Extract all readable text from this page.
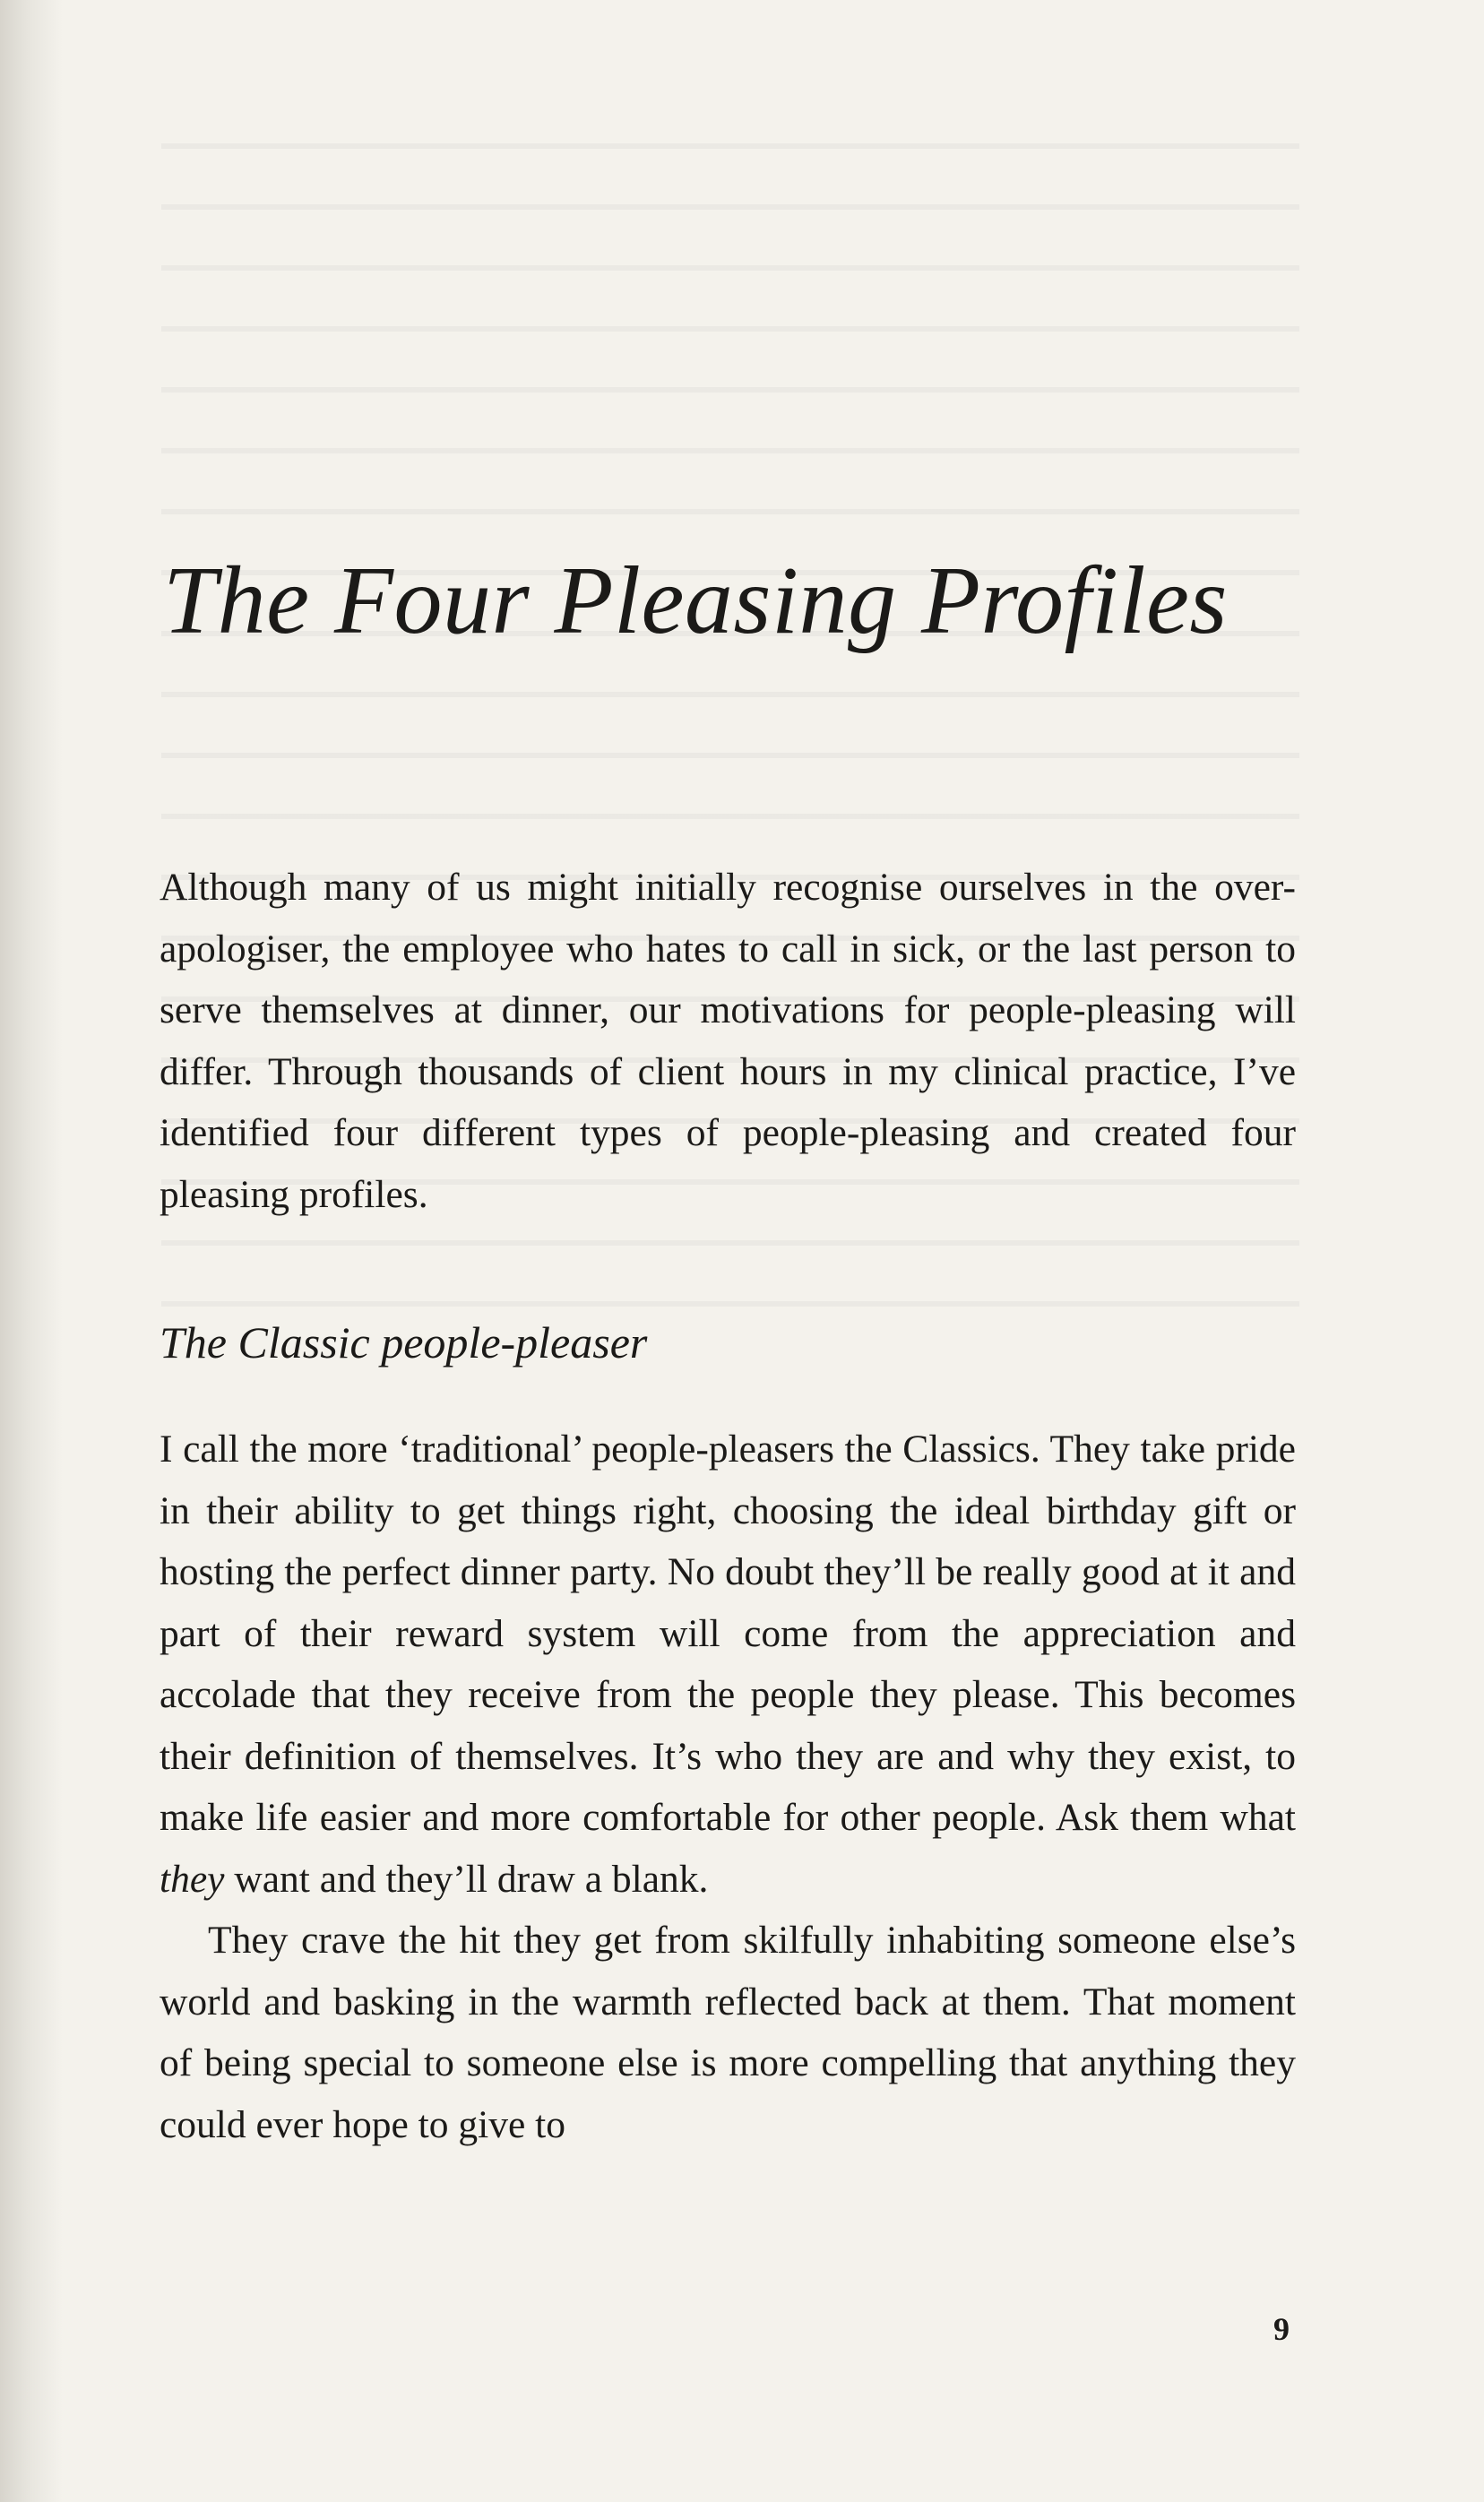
The Four Pleasing Profiles

Although many of us might initially recognise ourselves in the over-apologiser, the employee who hates to call in sick, or the last person to serve themselves at dinner, our motivations for people-pleasing will differ. Through thousands of client hours in my clinical practice, I’ve identified four different types of people-pleasing and created four pleasing profiles.

The Classic people-pleaser

I call the more ‘traditional’ people-pleasers the Classics. They take pride in their ability to get things right, choosing the ideal birthday gift or hosting the perfect dinner party. No doubt they’ll be really good at it and part of their reward system will come from the appreciation and accolade that they receive from the people they please. This becomes their definition of themselves. It’s who they are and why they exist, to make life easier and more comfortable for other people. Ask them what they want and they’ll draw a blank.

They crave the hit they get from skilfully inhabiting someone else’s world and basking in the warmth reflected back at them. That moment of being special to someone else is more compelling that anything they could ever hope to give to

9
